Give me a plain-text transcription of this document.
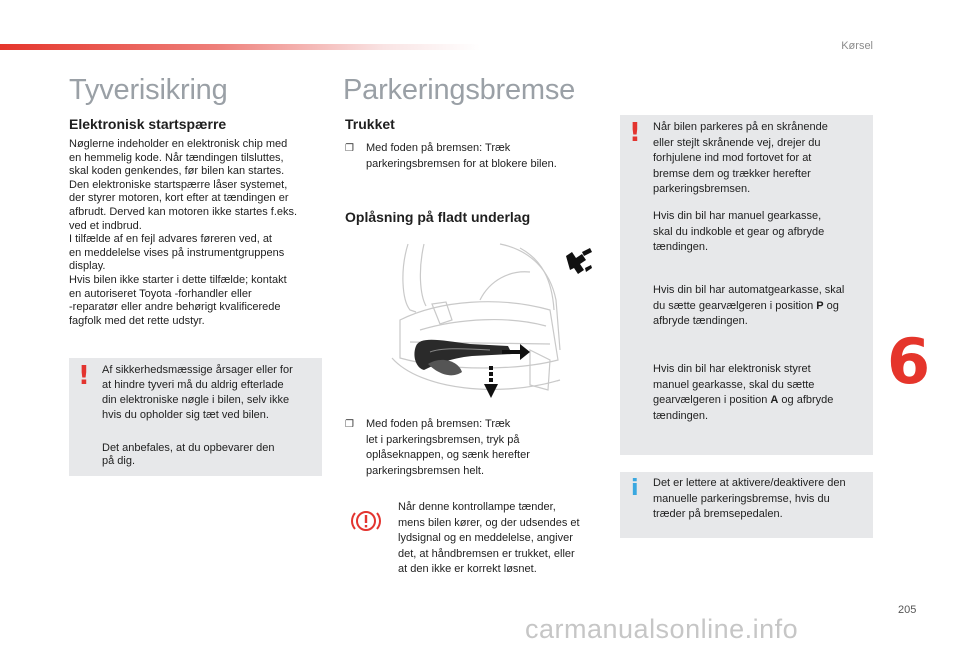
Kørsel
Tyverisikring
Elektronisk startspærre
Nøglerne indeholder en elektronisk chip med
en hemmelig kode. Når tændingen tilsluttes,
skal koden genkendes, før bilen kan startes.
Den elektroniske startspærre låser systemet,
der styrer motoren, kort efter at tændingen er
afbrudt. Derved kan motoren ikke startes f.eks.
ved et indbrud.
I tilfælde af en fejl advares føreren ved, at
en meddelelse vises på instrumentgruppens
display.
Hvis bilen ikke starter i dette tilfælde; kontakt
en autoriseret Toyota -forhandler eller
-reparatør eller andre behørigt kvalificerede
fagfolk med det rette udstyr.
! Af sikkerhedsmæssige årsager eller for
at hindre tyveri må du aldrig efterlade
din elektroniske nøgle i bilen, selv ikke
hvis du opholder sig tæt ved bilen.
Det anbefales, at du opbevarer den
på dig.
Parkeringsbremse
Trukket
❐ Med foden på bremsen: Træk
parkeringsbremsen for at blokere bilen.
Oplåsning på fladt underlag
❐ Med foden på bremsen: Træk
let i parkeringsbremsen, tryk på
oplåseknappen, og sænk herefter
parkeringsbremsen helt.
Når denne kontrollampe tænder,
mens bilen kører, og der udsendes et
lydsignal og en meddelelse, angiver
det, at håndbremsen er trukket, eller
at den ikke er korrekt løsnet.
! Når bilen parkeres på en skrånende
eller stejlt skrånende vej, drejer du
forhjulene ind mod fortovet for at
bremse dem og trækker herefter
parkeringsbremsen.
Hvis din bil har manuel gearkasse,
skal du indkoble et gear og afbryde
tændingen.
Hvis din bil har automatgearkasse, skal
du sætte gearvælgeren i position P og
afbryde tændingen.
Hvis din bil har elektronisk styret
manuel gearkasse, skal du sætte
gearvælgeren i position A og afbryde
tændingen.
i Det er lettere at aktivere/deaktivere den
manuelle parkeringsbremse, hvis du
træder på bremsepedalen.
6
205
carmanualsonline.info
